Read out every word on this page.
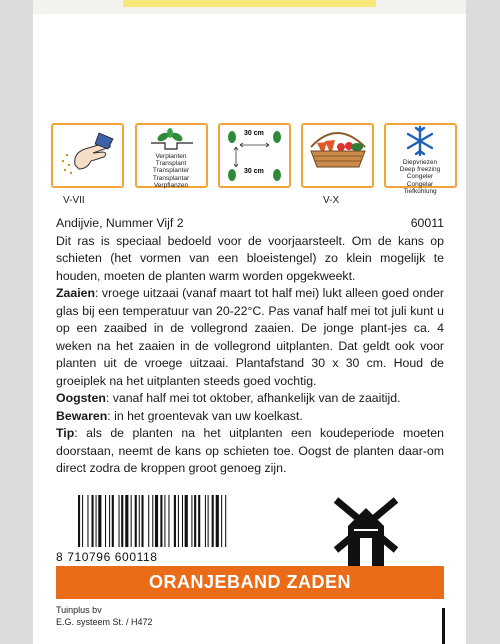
30 cm
30 cm
V-VII
Verplanten
Transplant
Transplanter
Transplantar
Verpflanzen
V-X
Diepvriezen
Deep freezing
Congeler
Congelar
Tiefkühlung
Andijvie, Nummer Vijf 2	60011
Dit ras is speciaal bedoeld voor de voorjaarsteelt. Om de kans op schieten (het vormen van een bloeistengel) zo klein mogelijk te houden, moeten de planten warm worden opgekweekt.
Zaaien: vroege uitzaai (vanaf maart tot half mei) lukt alleen goed onder glas bij een temperatuur van 20-22°C. Pas vanaf half mei tot juli kunt u op een zaaibed in de vollegrond zaaien. De jonge plant-jes ca. 4 weken na het zaaien in de vollegrond uitplanten. Dat geldt ook voor planten uit de vroege uitzaai. Plantafstand 30 x 30 cm. Houd de groeiplek na het uitplanten steeds goed vochtig.
Oogsten: vanaf half mei tot oktober, afhankelijk van de zaaitijd.
Bewaren: in het groentevak van uw koelkast.
Tip: als de planten na het uitplanten een koudeperiode moeten doorstaan, neemt de kans op schieten toe. Oogst de planten daar-om direct zodra de kroppen groot genoeg zijn.
8 710796 600118
ORANJEBAND ZADEN
Tuinplus bv
E.G. systeem St. / H472
